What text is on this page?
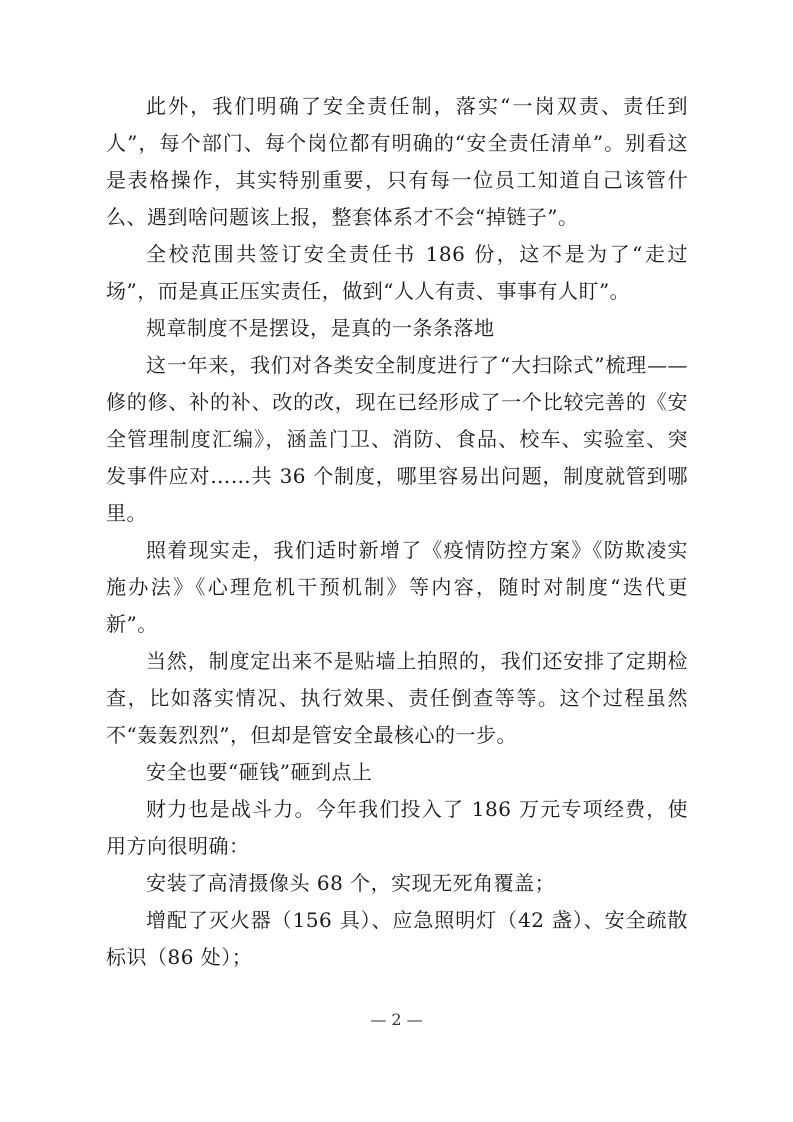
此外，我们明确了安全责任制，落实“一岗双责、责任到人”，每个部门、每个岗位都有明确的“安全责任清单”。别看这是表格操作，其实特别重要，只有每一位员工知道自己该管什么、遇到啥问题该上报，整套体系才不会“掉链子”。

全校范围共签订安全责任书 186 份，这不是为了“走过场”，而是真正压实责任，做到“人人有责、事事有人盯”。

规章制度不是摆设，是真的一条条落地

这一年来，我们对各类安全制度进行了“大扫除式”梳理——修的修、补的补、改的改，现在已经形成了一个比较完善的《安全管理制度汇编》，涵盖门卫、消防、食品、校车、实验室、突发事件应对……共 36 个制度，哪里容易出问题，制度就管到哪里。

照着现实走，我们适时新增了《疫情防控方案》《防欺凌实施办法》《心理危机干预机制》等内容，随时对制度“迭代更新”。

当然，制度定出来不是贴墙上拍照的，我们还安排了定期检查，比如落实情况、执行效果、责任倒查等等。这个过程虽然不“轰轰烈烈”，但却是管安全最核心的一步。

安全也要“砸钱”砸到点上

财力也是战斗力。今年我们投入了 186 万元专项经费，使用方向很明确：

安装了高清摄像头 68 个，实现无死角覆盖；

增配了灭火器（156 具）、应急照明灯（42 盏）、安全疏散标识（86 处）；

— 2 —
